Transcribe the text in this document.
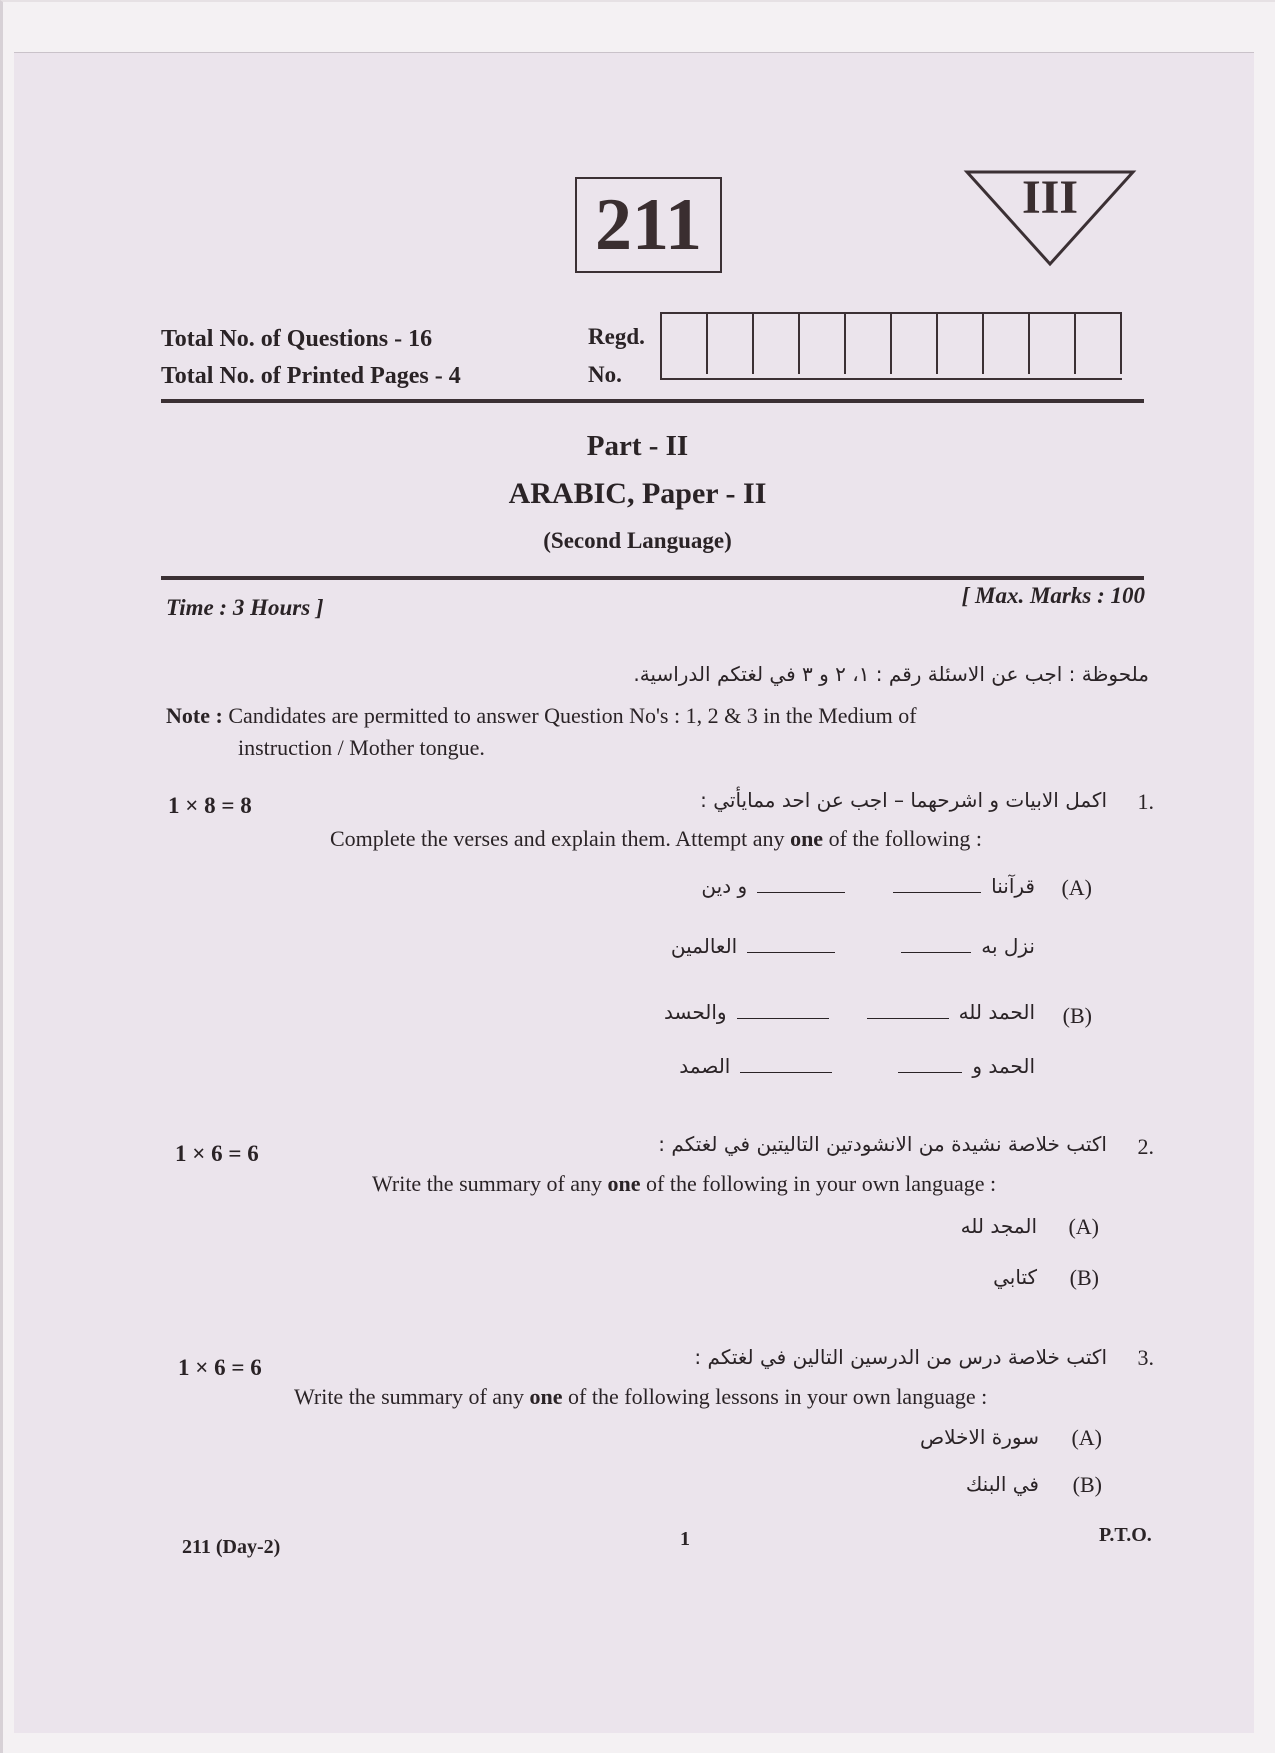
211	III
Total No. of Questions - 16
Total No. of Printed Pages - 4
Regd.
No.
Part - II
ARABIC, Paper - II
(Second Language)
Time : 3 Hours ]	[ Max. Marks : 100
ملحوظة : اجب عن الاسئلة رقم : ١، ٢ و ٣ في لغتكم الدراسية.
Note : Candidates are permitted to answer Question No's : 1, 2 & 3 in the Medium of
instruction / Mother tongue.
1 × 8 = 8	1.
اكمل الابيات و اشرحهما – اجب عن احد ممايأتي :
Complete the verses and explain them. Attempt any one of the following :
(A)
قرآننا
و دين
نزل به
العالمين
(B)
الحمد لله
والحسد
الحمد و
الصمد
1 × 6 = 6	2.
اكتب خلاصة نشيدة من الانشودتين التاليتين في لغتكم :
Write the summary of any one of the following in your own language :
(A)
المجد لله
(B)
كتابي
1 × 6 = 6	3.
اكتب خلاصة درس من الدرسين التالين في لغتكم :
Write the summary of any one of the following lessons in your own language :
(A)
سورة الاخلاص
(B)
في البنك
211 (Day-2)	1	P.T.O.
